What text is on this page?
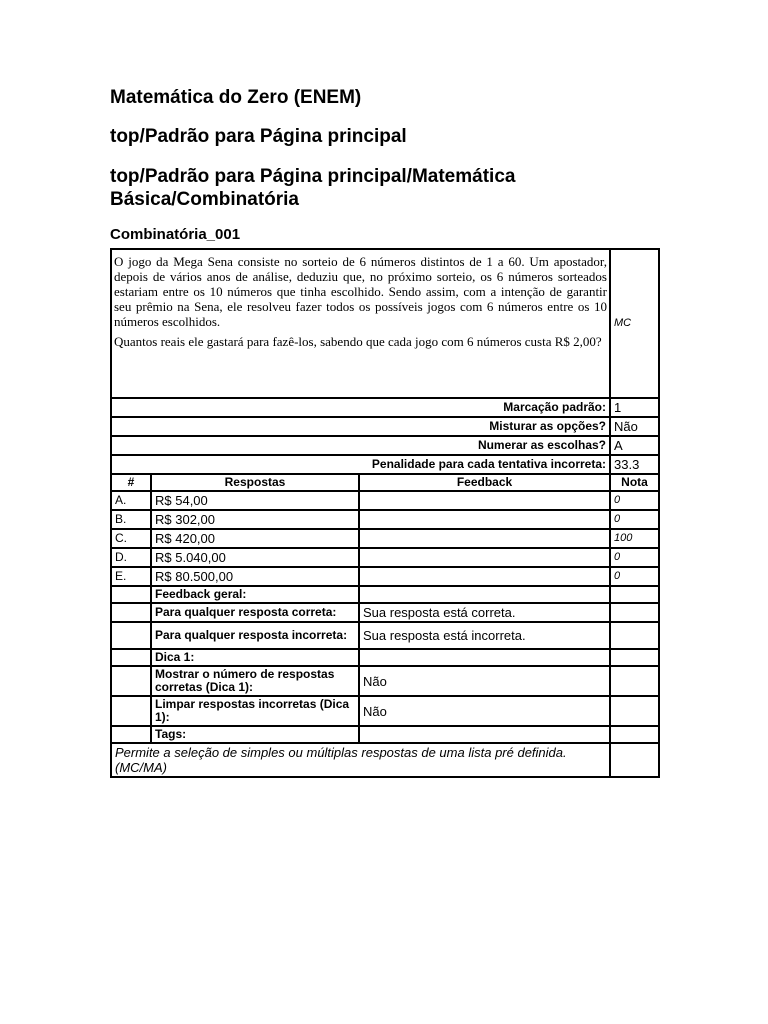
Matemática do Zero (ENEM)
top/Padrão para Página principal
top/Padrão para Página principal/Matemática Básica/Combinatória
Combinatória_001

O jogo da Mega Sena consiste no sorteio de 6 números distintos de 1 a 60. Um apostador, depois de vários anos de análise, deduziu que, no próximo sorteio, os 6 números sorteados estariam entre os 10 números que tinha escolhido. Sendo assim, com a intenção de garantir seu prêmio na Sena, ele resolveu fazer todos os possíveis jogos com 6 números entre os 10 números escolhidos.

Quantos reais ele gastará para fazê-los, sabendo que cada jogo com 6 números custa R$ 2,00?			MC
Marcação padrão:			1
Misturar as opções?			Não
Numerar as escolhas?			A
Penalidade para cada tentativa incorreta:			33.3
#	Respostas	Feedback	Nota
A.	R$ 54,00		0
B.	R$ 302,00		0
C.	R$ 420,00		100
D.	R$ 5.040,00		0
E.	R$ 80.500,00		0
	Feedback geral:		
	Para qualquer resposta correta:	Sua resposta está correta.	
	Para qualquer resposta incorreta:	Sua resposta está incorreta.	
	Dica 1:		
	Mostrar o número de respostas corretas (Dica 1):	Não	
	Limpar respostas incorretas (Dica 1):	Não	
	Tags:		
Permite a seleção de simples ou múltiplas respostas de uma lista pré definida. (MC/MA)			
